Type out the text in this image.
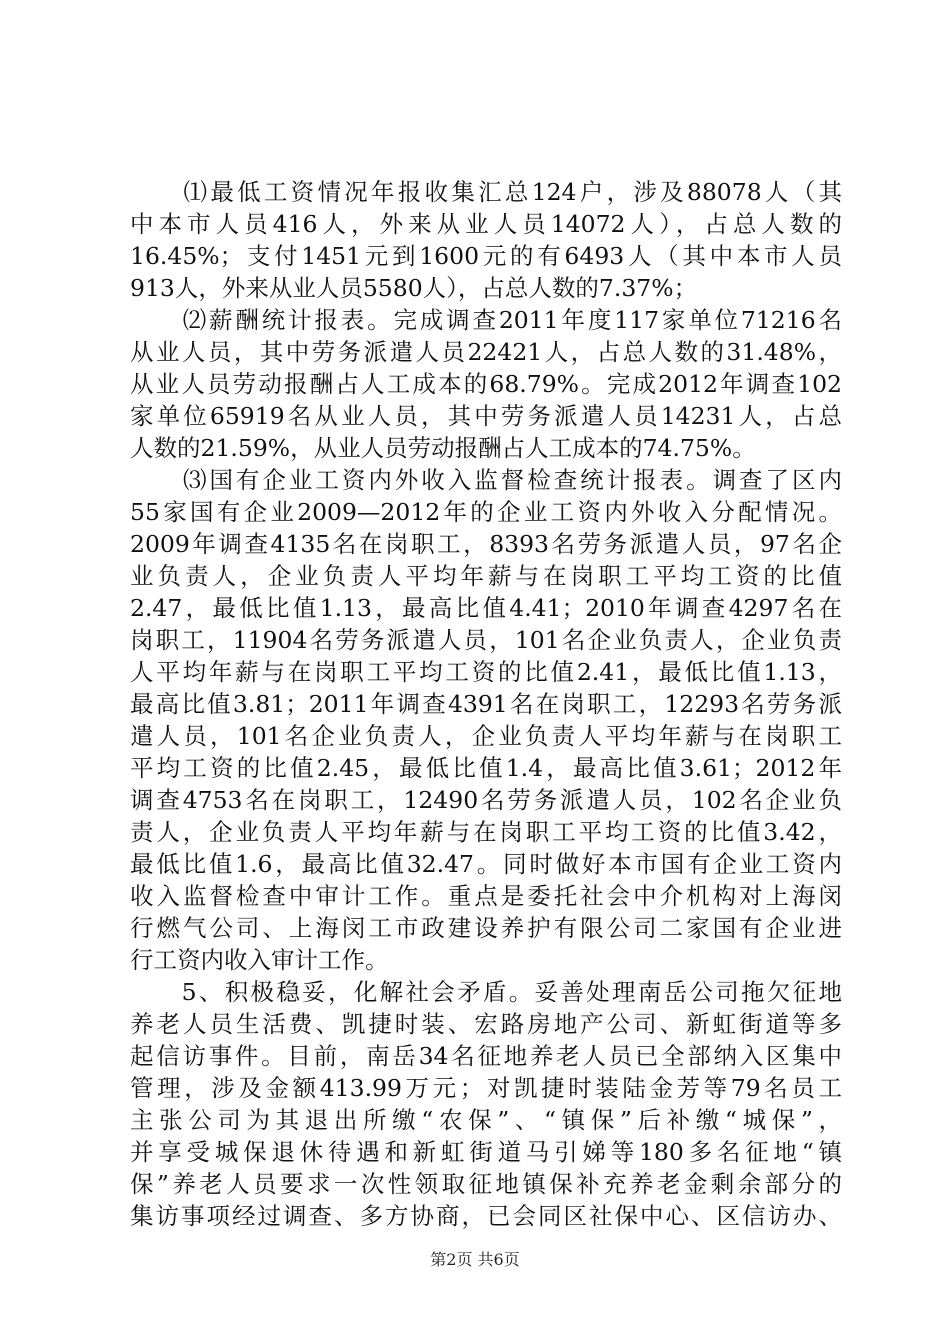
　　⑴最低工资情况年报收集汇总124户，涉及88078人（其
中本市人员416人，外来从业人员14072人），占总人数的
16.45%；支付1451元到1600元的有6493人（其中本市人员
913人，外来从业人员5580人），占总人数的7.37%；
　　⑵薪酬统计报表。完成调查2011年度117家单位71216名
从业人员，其中劳务派遣人员22421人，占总人数的31.48%，
从业人员劳动报酬占人工成本的68.79%。完成2012年调查102
家单位65919名从业人员，其中劳务派遣人员14231人，占总
人数的21.59%，从业人员劳动报酬占人工成本的74.75%。
　　⑶国有企业工资内外收入监督检查统计报表。调查了区内
55家国有企业2009—2012年的企业工资内外收入分配情况。
2009年调查4135名在岗职工，8393名劳务派遣人员，97名企
业负责人，企业负责人平均年薪与在岗职工平均工资的比值
2.47，最低比值1.13，最高比值4.41；2010年调查4297名在
岗职工，11904名劳务派遣人员，101名企业负责人，企业负责
人平均年薪与在岗职工平均工资的比值2.41，最低比值1.13，
最高比值3.81；2011年调查4391名在岗职工，12293名劳务派
遣人员，101名企业负责人，企业负责人平均年薪与在岗职工
平均工资的比值2.45，最低比值1.4，最高比值3.61；2012年
调查4753名在岗职工，12490名劳务派遣人员，102名企业负
责人，企业负责人平均年薪与在岗职工平均工资的比值3.42，
最低比值1.6，最高比值32.47。同时做好本市国有企业工资内
收入监督检查中审计工作。重点是委托社会中介机构对上海闵
行燃气公司、上海闵工市政建设养护有限公司二家国有企业进
行工资内收入审计工作。
　　5、积极稳妥，化解社会矛盾。妥善处理南岳公司拖欠征地
养老人员生活费、凯捷时装、宏路房地产公司、新虹街道等多
起信访事件。目前，南岳34名征地养老人员已全部纳入区集中
管理，涉及金额413.99万元；对凯捷时装陆金芳等79名员工
主张公司为其退出所缴“农保”、“镇保”后补缴“城保”，
并享受城保退休待遇和新虹街道马引娣等180多名征地“镇
保”养老人员要求一次性领取征地镇保补充养老金剩余部分的
集访事项经过调查、多方协商，已会同区社保中心、区信访办、
第2页 共6页
